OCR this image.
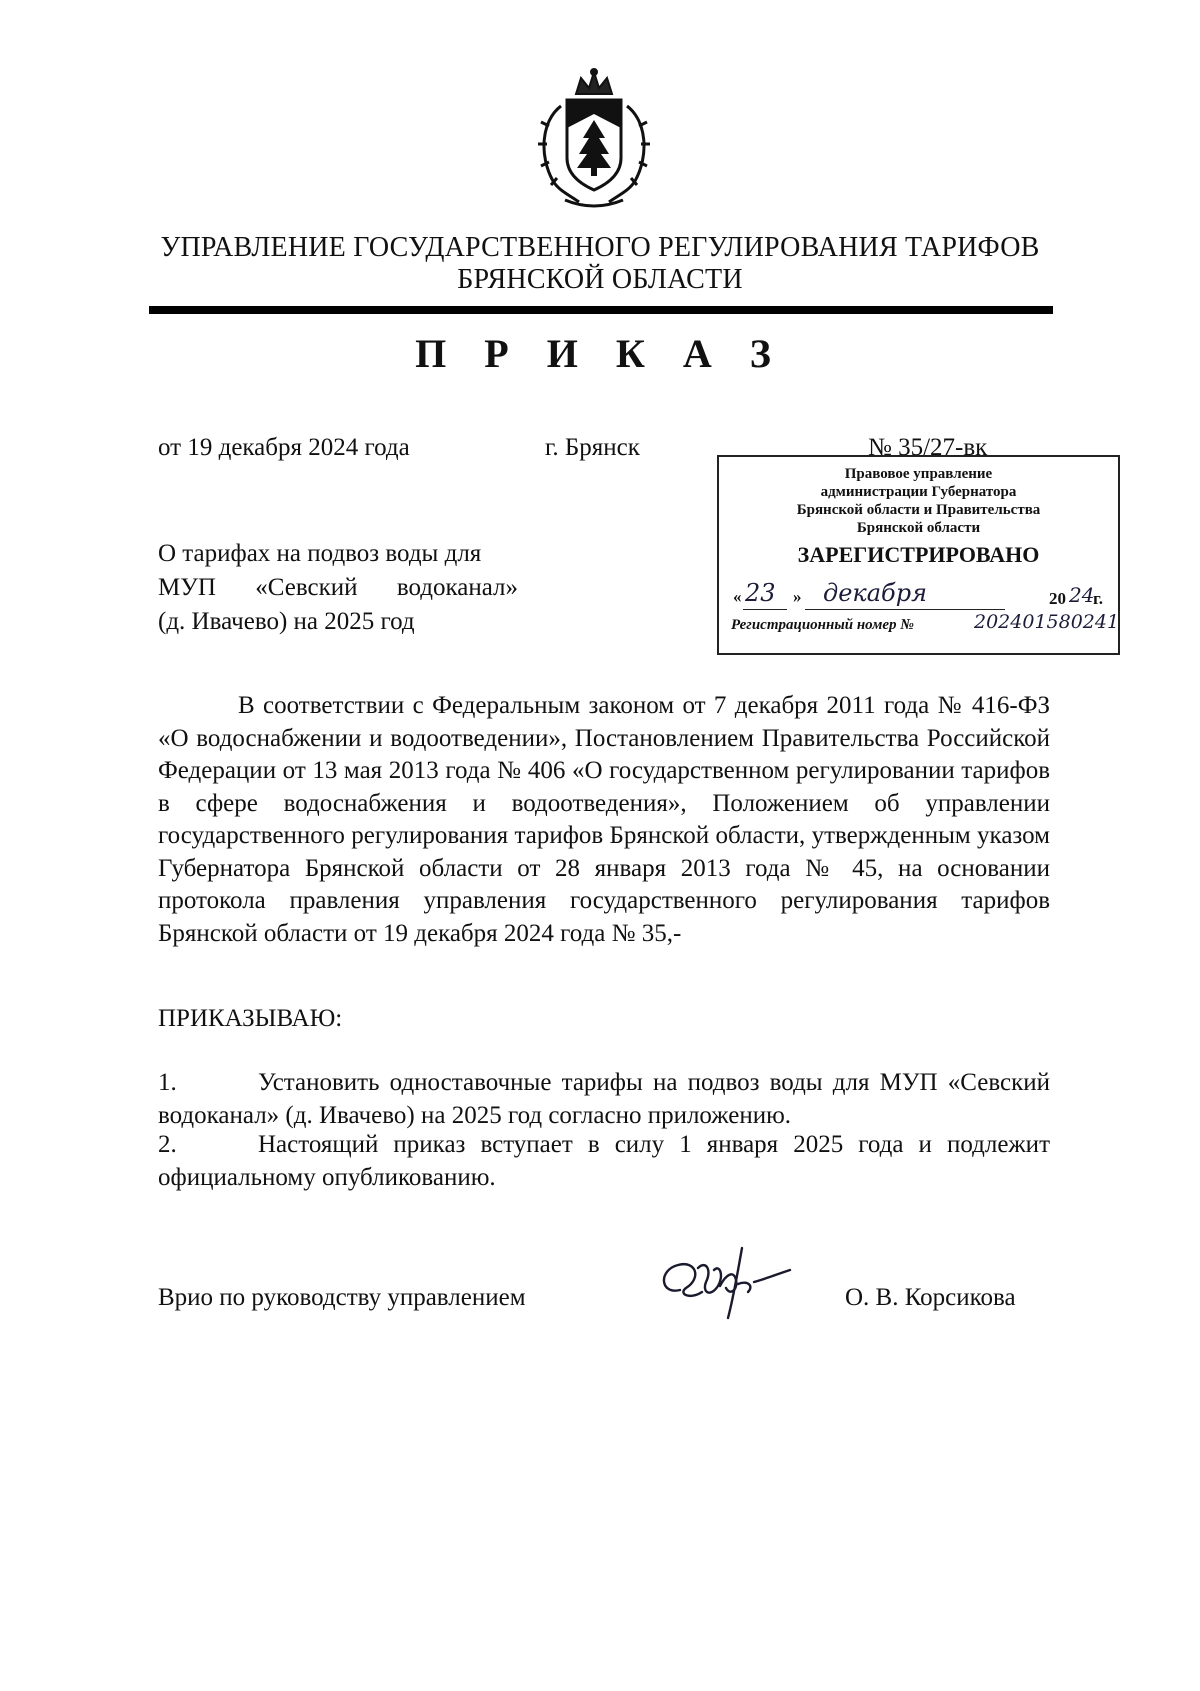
УПРАВЛЕНИЕ ГОСУДАРСТВЕННОГО РЕГУЛИРОВАНИЯ ТАРИФОВ
БРЯНСКОЙ ОБЛАСТИ
П Р И К А З
от 19 декабря 2024 года	г. Брянск	№ 35/27-вк
Правовое управление
администрации Губернатора
Брянской области и Правительства
Брянской области
ЗАРЕГИСТРИРОВАНО
« 23 » декабря	20 24
г.
Регистрационный номер №	202401580241
О тарифах на подвоз воды для
МУП «Севский водоканал»
(д. Ивачево) на 2025 год
В соответствии с Федеральным законом от 7 декабря 2011 года № 416-ФЗ «О водоснабжении и водоотведении», Постановлением Правительства Российской Федерации от 13 мая 2013 года № 406 «О государственном регулировании тарифов в сфере водоснабжения и водоотведения», Положением об управлении государственного регулирования тарифов Брянской области, утвержденным указом Губернатора Брянской области от 28 января 2013 года № 45, на основании протокола правления управления государственного регулирования тарифов Брянской области от 19 декабря 2024 года № 35,-
ПРИКАЗЫВАЮ:
1.	Установить одноставочные тарифы на подвоз воды для МУП «Севский водоканал» (д. Ивачево) на 2025 год согласно приложению.
2.	Настоящий приказ вступает в силу 1 января 2025 года и подлежит официальному опубликованию.
Врио по руководству управлением	О. В. Корсикова
